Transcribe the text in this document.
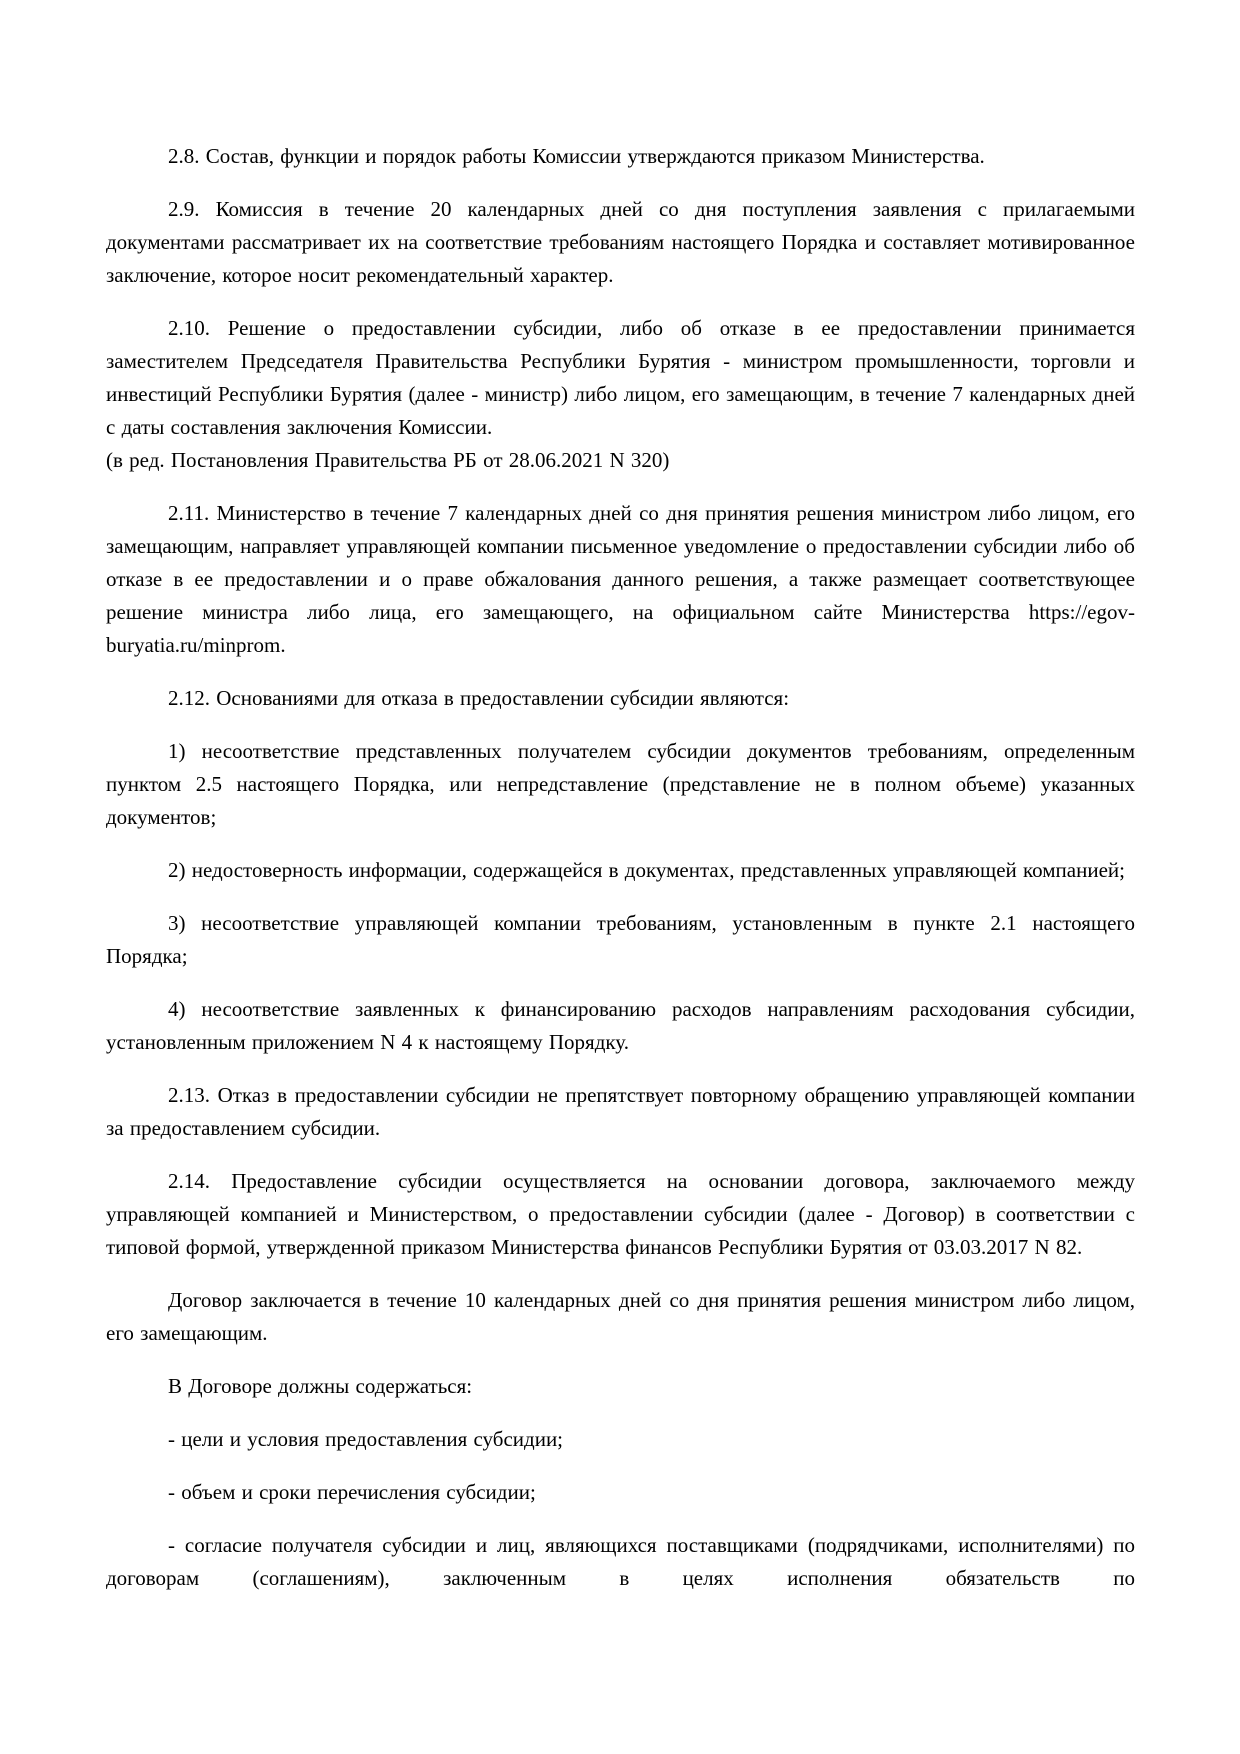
2.8. Состав, функции и порядок работы Комиссии утверждаются приказом Министерства.

2.9. Комиссия в течение 20 календарных дней со дня поступления заявления с прилагаемыми документами рассматривает их на соответствие требованиям настоящего Порядка и составляет мотивированное заключение, которое носит рекомендательный характер.

2.10. Решение о предоставлении субсидии, либо об отказе в ее предоставлении принимается заместителем Председателя Правительства Республики Бурятия - министром промышленности, торговли и инвестиций Республики Бурятия (далее - министр) либо лицом, его замещающим, в течение 7 календарных дней с даты составления заключения Комиссии.

(в ред. Постановления Правительства РБ от 28.06.2021 N 320)

2.11. Министерство в течение 7 календарных дней со дня принятия решения министром либо лицом, его замещающим, направляет управляющей компании письменное уведомление о предоставлении субсидии либо об отказе в ее предоставлении и о праве обжалования данного решения, а также размещает соответствующее решение министра либо лица, его замещающего, на официальном сайте Министерства https://egov-buryatia.ru/minprom.

2.12. Основаниями для отказа в предоставлении субсидии являются:

1) несоответствие представленных получателем субсидии документов требованиям, определенным пунктом 2.5 настоящего Порядка, или непредставление (представление не в полном объеме) указанных документов;

2) недостоверность информации, содержащейся в документах, представленных управляющей компанией;

3) несоответствие управляющей компании требованиям, установленным в пункте 2.1 настоящего Порядка;

4) несоответствие заявленных к финансированию расходов направлениям расходования субсидии, установленным приложением N 4 к настоящему Порядку.

2.13. Отказ в предоставлении субсидии не препятствует повторному обращению управляющей компании за предоставлением субсидии.

2.14. Предоставление субсидии осуществляется на основании договора, заключаемого между управляющей компанией и Министерством, о предоставлении субсидии (далее - Договор) в соответствии с типовой формой, утвержденной приказом Министерства финансов Республики Бурятия от 03.03.2017 N 82.

Договор заключается в течение 10 календарных дней со дня принятия решения министром либо лицом, его замещающим.

В Договоре должны содержаться:

- цели и условия предоставления субсидии;

- объем и сроки перечисления субсидии;

- согласие получателя субсидии и лиц, являющихся поставщиками (подрядчиками, исполнителями) по договорам (соглашениям), заключенным в целях исполнения обязательств по
